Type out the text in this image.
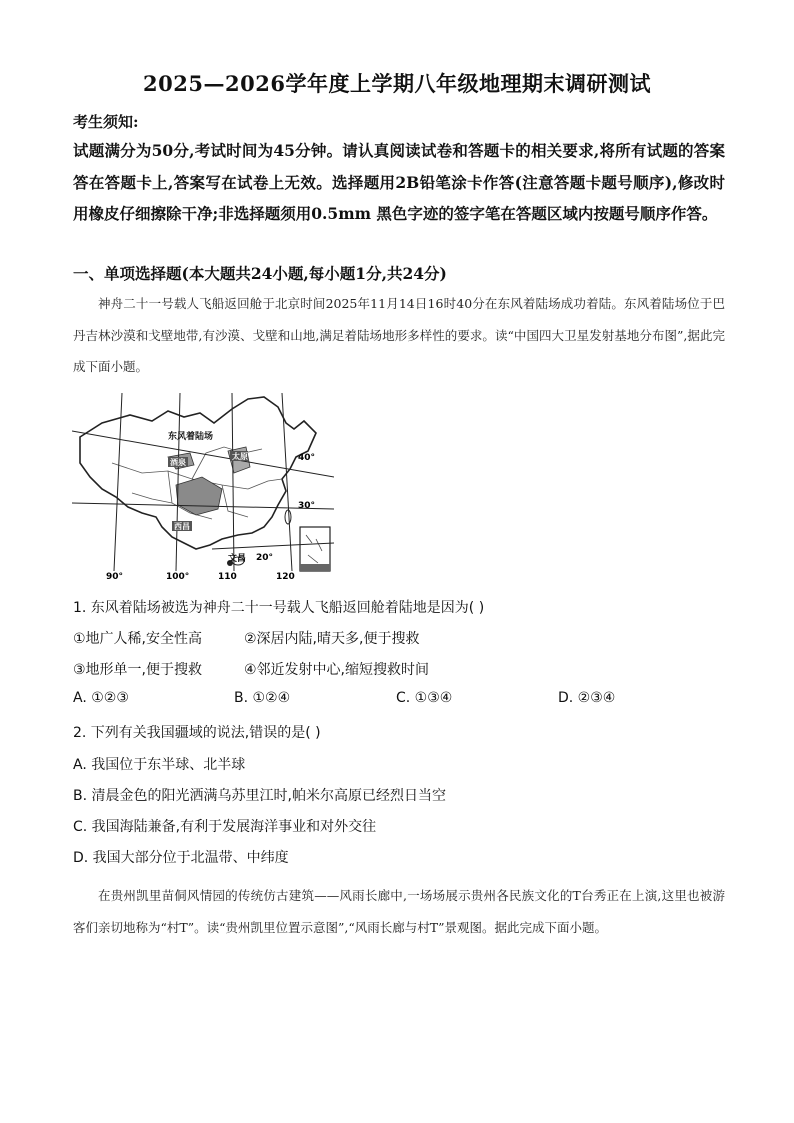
2025—2026学年度上学期八年级地理期末调研测试
考生须知:
试题满分为50分,考试时间为45分钟。请认真阅读试卷和答题卡的相关要求,将所有试题的答案答在答题卡上,答案写在试卷上无效。选择题用2B铅笔涂卡作答(注意答题卡题号顺序),修改时用橡皮仔细擦除干净;非选择题须用0.5mm 黑色字迹的签字笔在答题区域内按题号顺序作答。
一、单项选择题(本大题共24小题,每小题1分,共24分)
神舟二十一号载人飞船返回舱于北京时间2025年11月14日16时40分在东风着陆场成功着陆。东风着陆场位于巴丹吉林沙漠和戈壁地带,有沙漠、戈壁和山地,满足着陆场地形多样性的要求。读“中国四大卫星发射基地分布图”,据此完成下面小题。
东风着陆场
酒泉
太原
西昌
文昌
40°
30°
20°
90°	100°	110	120
1. 东风着陆场被选为神舟二十一号载人飞船返回舱着陆地是因为( )
①地广人稀,安全性高	②深居内陆,晴天多,便于搜救
③地形单一,便于搜救	④邻近发射中心,缩短搜救时间
A. ①②③	B. ①②④	C. ①③④	D. ②③④
2. 下列有关我国疆域的说法,错误的是( )
A. 我国位于东半球、北半球
B. 清晨金色的阳光洒满乌苏里江时,帕米尔高原已经烈日当空
C. 我国海陆兼备,有利于发展海洋事业和对外交往
D. 我国大部分位于北温带、中纬度
在贵州凯里苗侗风情园的传统仿古建筑——风雨长廊中,一场场展示贵州各民族文化的T台秀正在上演,这里也被游客们亲切地称为“村T”。读“贵州凯里位置示意图”,“风雨长廊与村T”景观图。据此完成下面小题。
